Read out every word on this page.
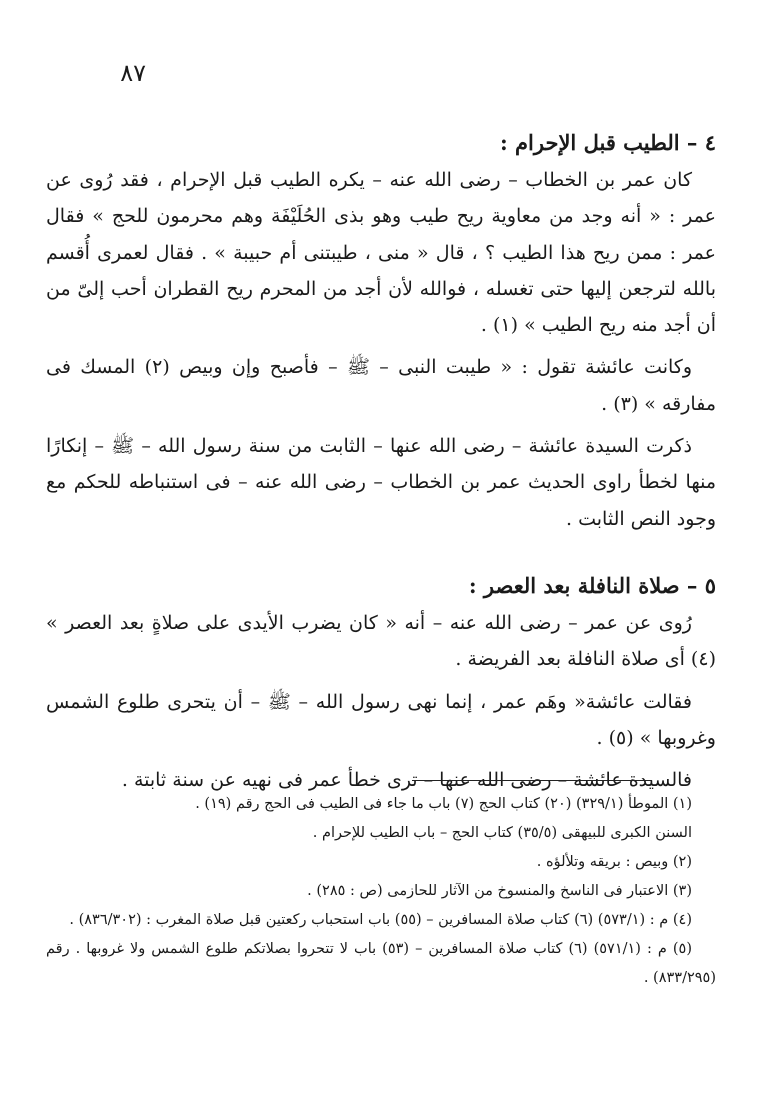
٨٧
٤ – الطيب قبل الإحرام :

كان عمر بن الخطاب – رضى الله عنه – يكره الطيب قبل الإحرام ، فقد رُوى عن عمر : « أنه وجد من معاوية ريح طيب وهو بذى الحُلَيْفَة وهم محرمون للحج » فقال عمر : ممن ريح هذا الطيب ؟ ، قال « منى ، طيبتنى أم حبيبة » . فقال لعمرى أُقسم بالله لترجعن إليها حتى تغسله ، فوالله لأن أجد من المحرم ريح القطران أحب إلىّ من أن أجد منه ريح الطيب » (١) .

وكانت عائشة تقول : « طيبت النبى – ﷺ – فأصبح وإن وبيص (٢) المسك فى مفارقه » (٣) .

ذكرت السيدة عائشة – رضى الله عنها – الثابت من سنة رسول الله – ﷺ – إنكارًا منها لخطأ راوى الحديث عمر بن الخطاب – رضى الله عنه – فى استنباطه للحكم مع وجود النص الثابت .

٥ – صلاة النافلة بعد العصر :

رُوى عن عمر – رضى الله عنه – أنه « كان يضرب الأيدى على صلاةٍ بعد العصر » (٤) أى صلاة النافلة بعد الفريضة .

فقالت عائشة« وهَم عمر ، إنما نهى رسول الله – ﷺ – أن يتحرى طلوع الشمس وغروبها » (٥) .

فالسيدة عائشة – رضى الله عنها – ترى خطأ عمر فى نهيه عن سنة ثابتة .

(١) الموطأ (٣٢٩/١) (٢٠) كتاب الحج (٧) باب ما جاء فى الطيب فى الحج رقم (١٩) .

السنن الكبرى للبيهقى (٣٥/٥) كتاب الحج – باب الطيب للإحرام .

(٢) وبيص : بريقه وتلألؤه .

(٣) الاعتبار فى الناسخ والمنسوخ من الآثار للحازمى (ص : ٢٨٥) .

(٤) م : (٥٧٣/١) (٦) كتاب صلاة المسافرين – (٥٥) باب استحباب ركعتين قبل صلاة المغرب : (٨٣٦/٣٠٢) .

(٥) م : (٥٧١/١) (٦) كتاب صلاة المسافرين – (٥٣) باب لا تتحروا بصلاتكم طلوع الشمس ولا غروبها . رقم (٨٣٣/٢٩٥) .
